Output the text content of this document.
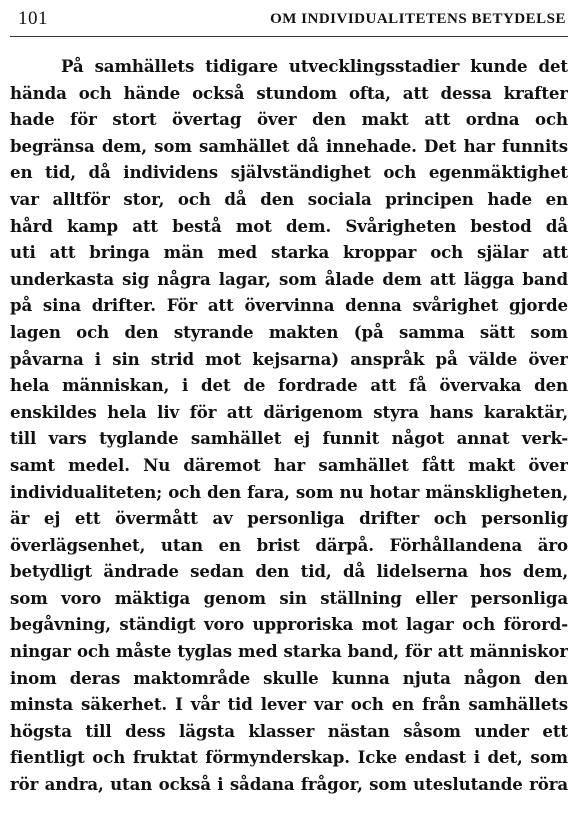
101	OM INDIVIDUALITETENS BETYDELSE
På samhällets tidigare utvecklingsstadier kunde det
hända och hände också stundom ofta, att dessa krafter
hade för stort övertag över den makt att ordna och
begränsa dem, som samhället då innehade. Det har funnits
en tid, då individens självständighet och egenmäktighet
var alltför stor, och då den sociala principen hade en
hård kamp att bestå mot dem. Svårigheten bestod då
uti att bringa män med starka kroppar och själar att
underkasta sig några lagar, som ålade dem att lägga band
på sina drifter. För att övervinna denna svårighet gjorde
lagen och den styrande makten (på samma sätt som
påvarna i sin strid mot kejsarna) anspråk på välde över
hela människan, i det de fordrade att få övervaka den
enskildes hela liv för att därigenom styra hans karaktär,
till vars tyglande samhället ej funnit något annat verk-
samt medel. Nu däremot har samhället fått makt över
individualiteten; och den fara, som nu hotar mänskligheten,
är ej ett övermått av personliga drifter och personlig
överlägsenhet, utan en brist därpå. Förhållandena äro
betydligt ändrade sedan den tid, då lidelserna hos dem,
som voro mäktiga genom sin ställning eller personliga
begåvning, ständigt voro upproriska mot lagar och förord-
ningar och måste tyglas med starka band, för att människor
inom deras maktområde skulle kunna njuta någon den
minsta säkerhet. I vår tid lever var och en från samhällets
högsta till dess lägsta klasser nästan såsom under ett
fientligt och fruktat förmynderskap. Icke endast i det, som
rör andra, utan också i sådana frågor, som uteslutande röra
